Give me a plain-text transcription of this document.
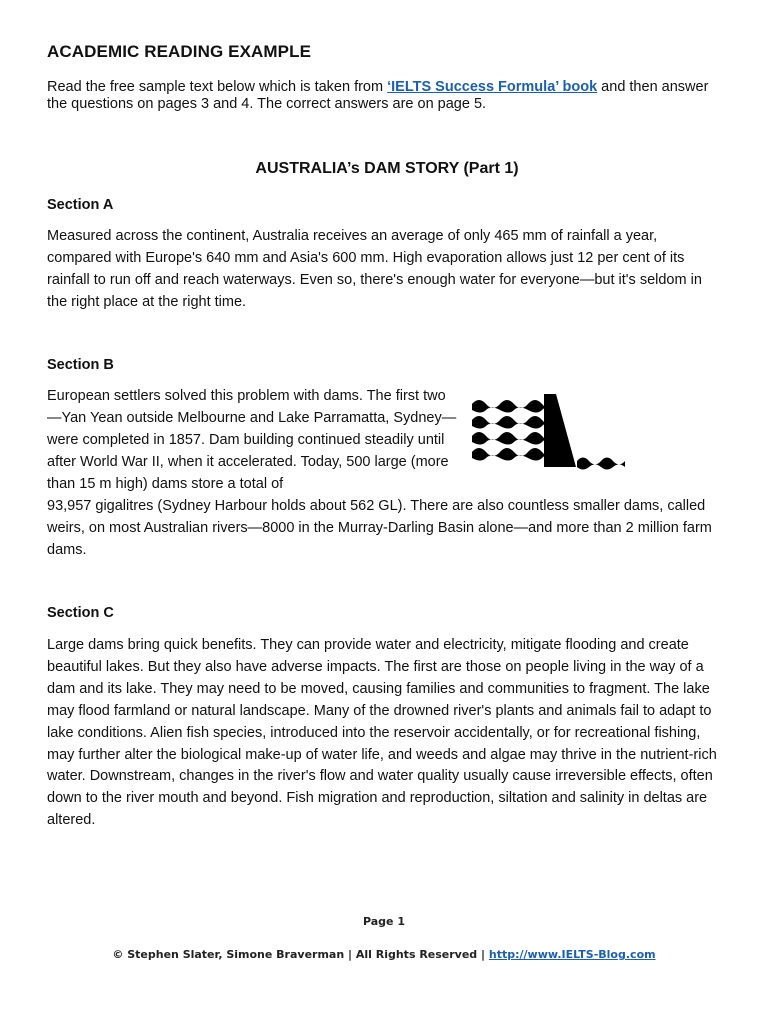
ACADEMIC READING EXAMPLE
Read the free sample text below which is taken from ‘IELTS Success Formula’ book and then answer the questions on pages 3 and 4. The correct answers are on page 5.
AUSTRALIA’s DAM STORY (Part 1)
Section A
Measured across the continent, Australia receives an average of only 465 mm of rainfall a year, compared with Europe's 640 mm and Asia's 600 mm. High evaporation allows just 12 per cent of its rainfall to run off and reach waterways. Even so, there's enough water for everyone—but it's seldom in the right place at the right time.
Section B
European settlers solved this problem with dams. The first two—Yan Yean outside Melbourne and Lake Parramatta, Sydney—were completed in 1857. Dam building continued steadily until after World War II, when it accelerated. Today, 500 large (more than 15 m high) dams store a total of
93,957 gigalitres (Sydney Harbour holds about 562 GL). There are also countless smaller dams, called weirs, on most Australian rivers—8000 in the Murray-Darling Basin alone—and more than 2 million farm dams.
Section C
Large dams bring quick benefits. They can provide water and electricity, mitigate flooding and create beautiful lakes. But they also have adverse impacts. The first are those on people living in the way of a dam and its lake. They may need to be moved, causing families and communities to fragment. The lake may flood farmland or natural landscape. Many of the drowned river's plants and animals fail to adapt to lake conditions. Alien fish species, introduced into the reservoir accidentally, or for recreational fishing, may further alter the biological make-up of water life, and weeds and algae may thrive in the nutrient-rich water. Downstream, changes in the river's flow and water quality usually cause irreversible effects, often down to the river mouth and beyond. Fish migration and reproduction, siltation and salinity in deltas are altered.
Page 1
© Stephen Slater, Simone Braverman | All Rights Reserved | http://www.IELTS-Blog.com
